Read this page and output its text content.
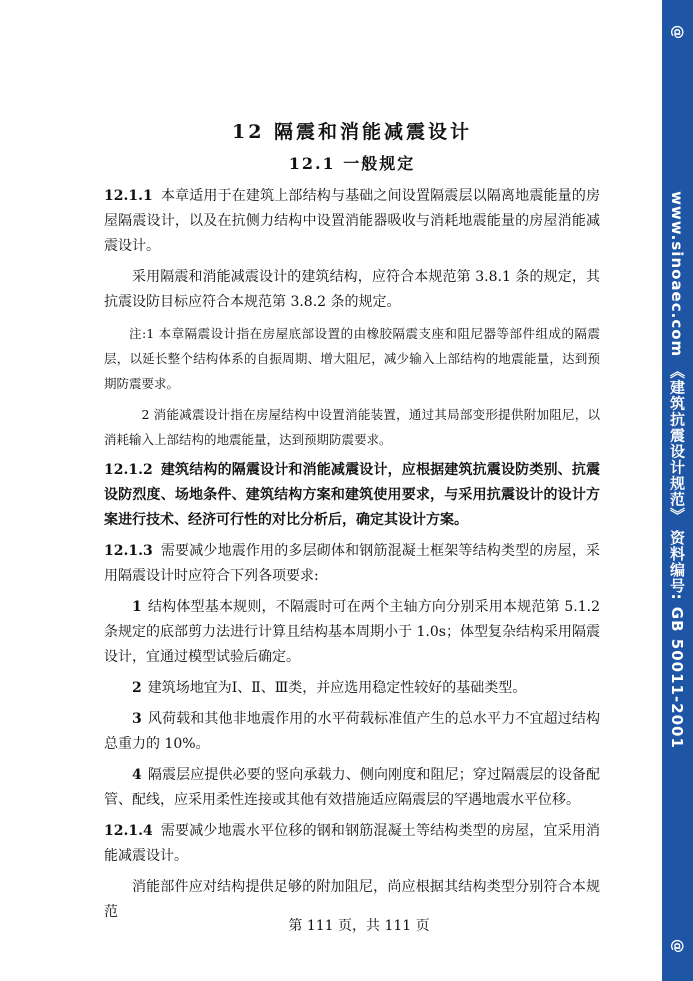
@
www.sinoaec.com 《建筑抗震设计规范》 资料编号: GB 50011-2001
@
12 隔震和消能减震设计
12.1 一般规定

12.1.1 本章适用于在建筑上部结构与基础之间设置隔震层以隔离地震能量的房屋隔震设计，以及在抗侧力结构中设置消能器吸收与消耗地震能量的房屋消能减震设计。

采用隔震和消能减震设计的建筑结构，应符合本规范第 3.8.1 条的规定，其抗震设防目标应符合本规范第 3.8.2 条的规定。

注:1 本章隔震设计指在房屋底部设置的由橡胶隔震支座和阻尼器等部件组成的隔震层，以延长整个结构体系的自振周期、增大阻尼，减少输入上部结构的地震能量，达到预期防震要求。

2 消能减震设计指在房屋结构中设置消能装置，通过其局部变形提供附加阻尼，以消耗输入上部结构的地震能量，达到预期防震要求。

12.1.2 建筑结构的隔震设计和消能减震设计，应根据建筑抗震设防类别、抗震设防烈度、场地条件、建筑结构方案和建筑使用要求，与采用抗震设计的设计方案进行技术、经济可行性的对比分析后，确定其设计方案。

12.1.3 需要减少地震作用的多层砌体和钢筋混凝土框架等结构类型的房屋，采用隔震设计时应符合下列各项要求:

1 结构体型基本规则，不隔震时可在两个主轴方向分别采用本规范第 5.1.2 条规定的底部剪力法进行计算且结构基本周期小于 1.0s；体型复杂结构采用隔震设计，宜通过模型试验后确定。

2 建筑场地宜为Ⅰ、Ⅱ、Ⅲ类，并应选用稳定性较好的基础类型。

3 风荷载和其他非地震作用的水平荷载标准值产生的总水平力不宜超过结构总重力的 10%。

4 隔震层应提供必要的竖向承载力、侧向刚度和阻尼；穿过隔震层的设备配管、配线，应采用柔性连接或其他有效措施适应隔震层的罕遇地震水平位移。

12.1.4 需要减少地震水平位移的钢和钢筋混凝土等结构类型的房屋，宜采用消能减震设计。

消能部件应对结构提供足够的附加阻尼，尚应根据其结构类型分别符合本规范

第 111 页，共 111 页
